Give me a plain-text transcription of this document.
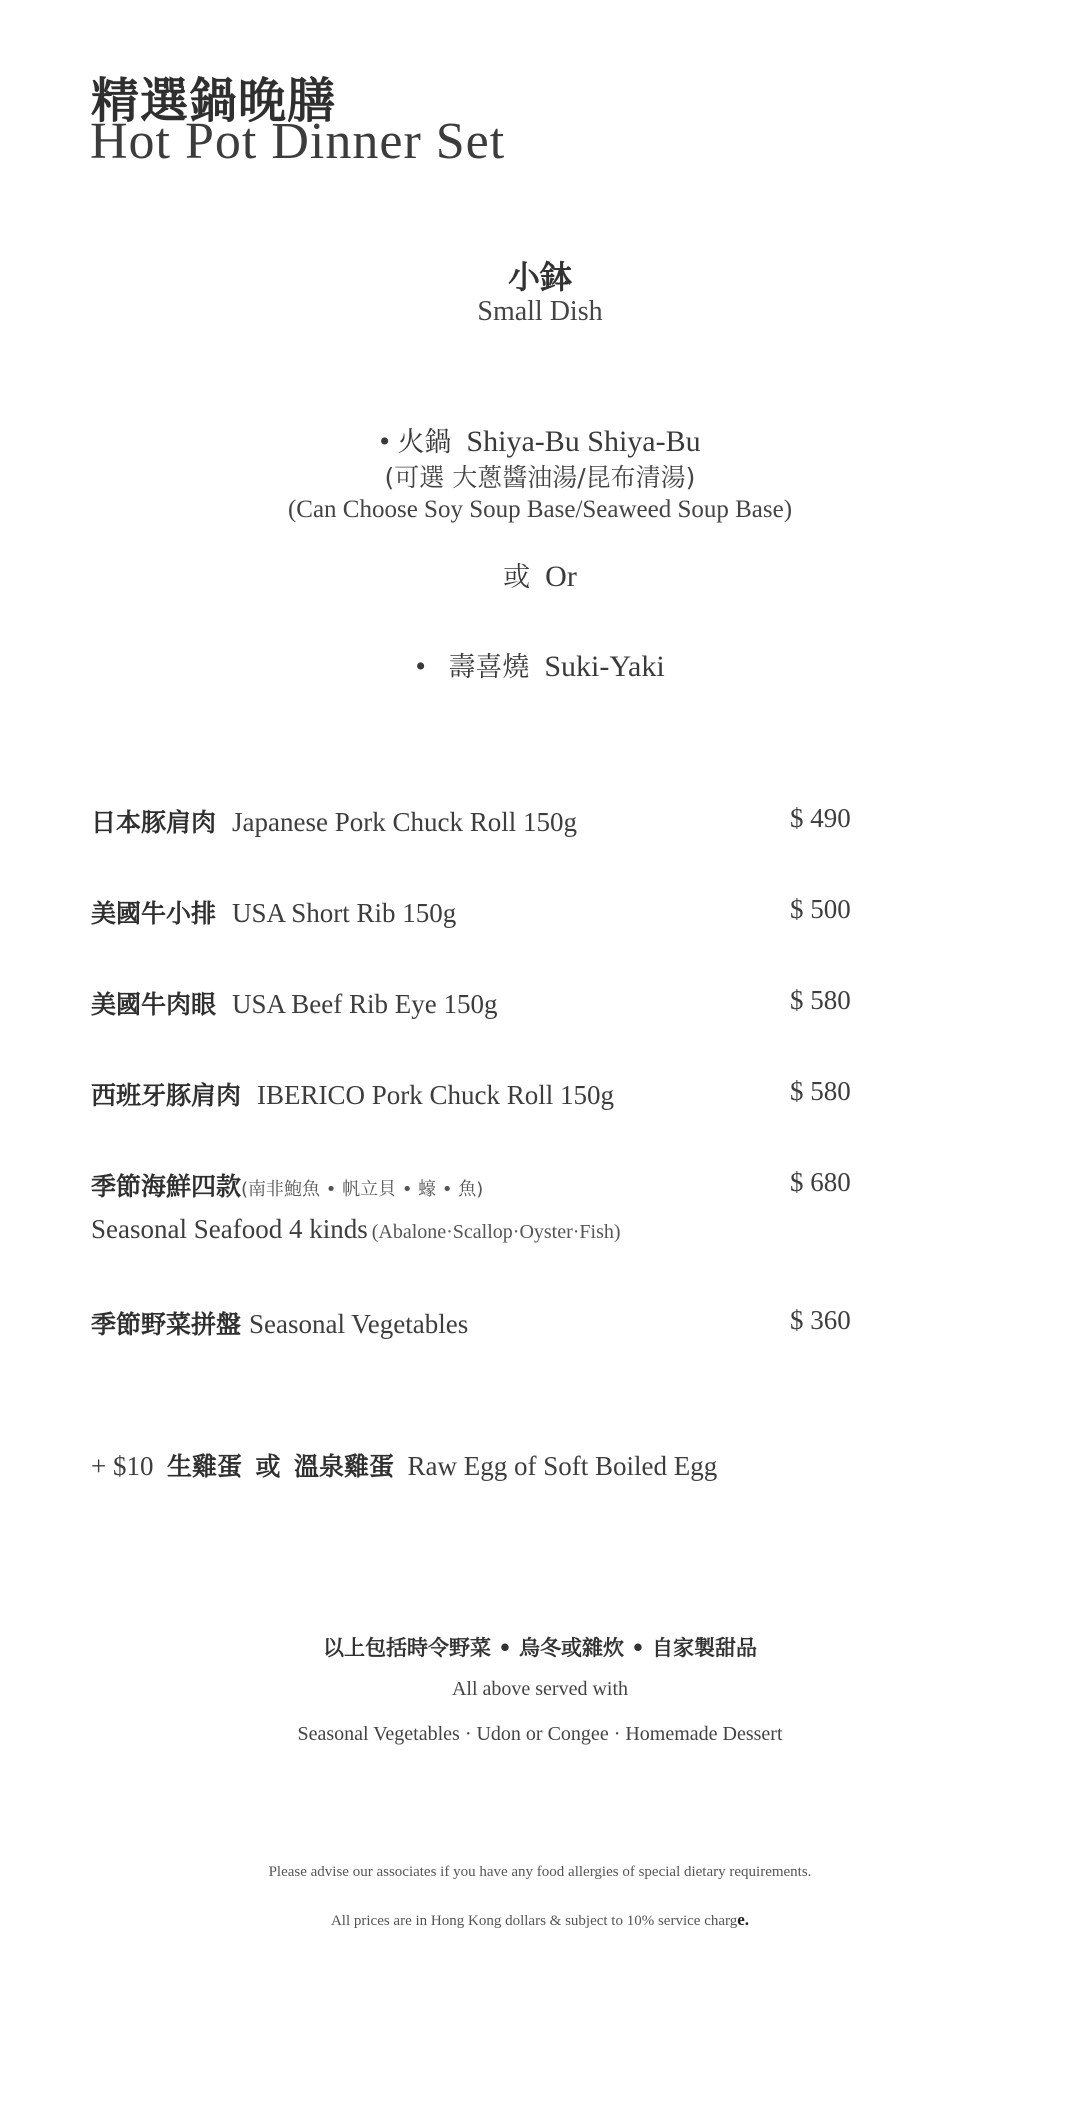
精選鍋晚膳
Hot Pot Dinner Set
小鉢
Small Dish
• 火鍋 Shiya-Bu Shiya-Bu
(可選 大蔥醬油湯/昆布清湯)
(Can Choose Soy Soup Base/Seaweed Soup Base)
或 Or
• 壽喜燒 Suki-Yaki
日本豚肩肉 Japanese Pork Chuck Roll 150g	$ 490
美國牛小排 USA Short Rib 150g	$ 500
美國牛肉眼 USA Beef Rib Eye 150g	$ 580
西班牙豚肩肉 IBERICO Pork Chuck Roll 150g	$ 580
季節海鮮四款(南非鮑魚 • 帆立貝 • 蠔 • 魚)	$ 680
Seasonal Seafood 4 kinds (Abalone·Scallop·Oyster·Fish)
季節野菜拼盤 Seasonal Vegetables	$ 360
+ $10 生雞蛋 或 溫泉雞蛋 Raw Egg of Soft Boiled Egg
以上包括時令野菜 • 烏冬或雜炊 • 自家製甜品
All above served with
Seasonal Vegetables · Udon or Congee · Homemade Dessert
Please advise our associates if you have any food allergies of special dietary requirements.
All prices are in Hong Kong dollars & subject to 10% service charge.
